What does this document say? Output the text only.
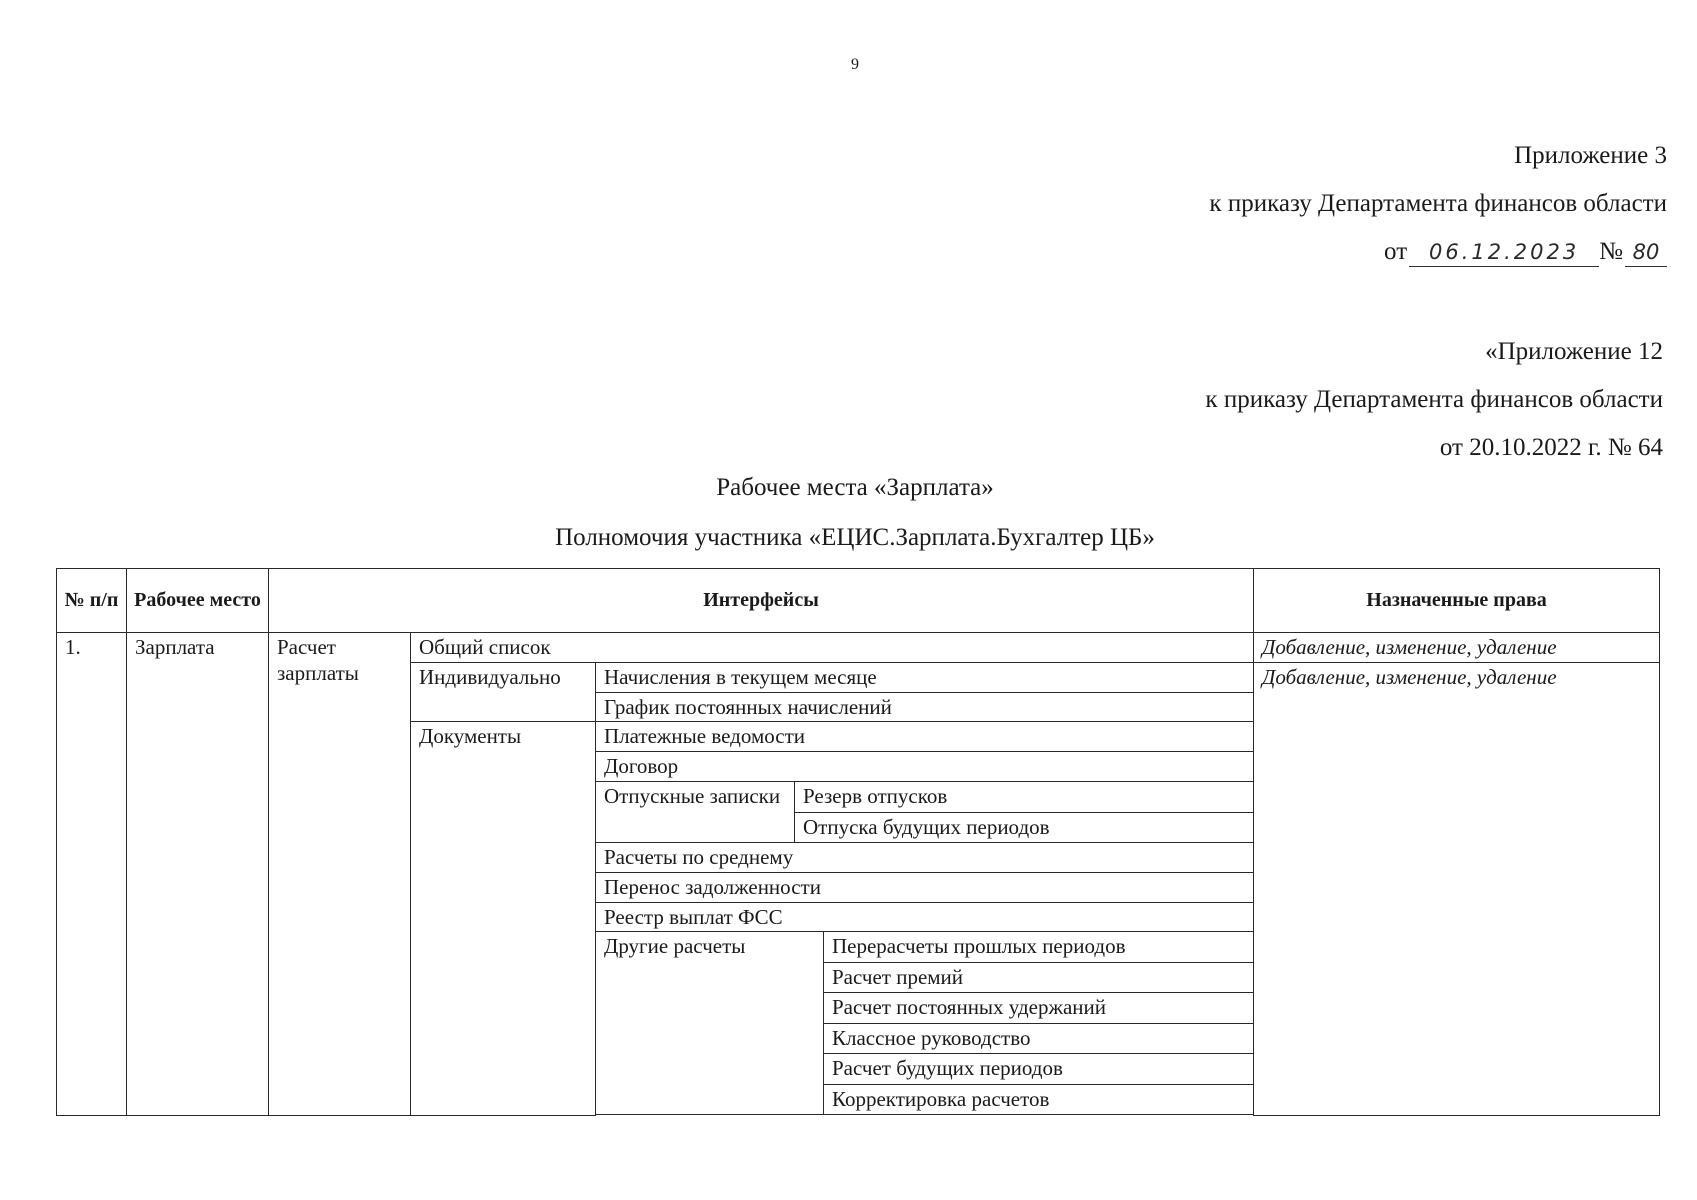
9
Приложение 3
к приказу Департамента финансов области
от 06.12.2023 № 80
«Приложение 12
к приказу Департамента финансов области
от 20.10.2022 г. № 64
Рабочее места «Зарплата»
Полномочия участника «ЕЦИС.Зарплата.Бухгалтер ЦБ»
№ п/п	Рабочее место	Интерфейсы					Назначенные права
1.	Зарплата	Расчет зарплаты	Общий список				Добавление, изменение, удаление
			Индивидуально	Начисления в текущем месяце			Добавление, изменение, удаление
				График постоянных начислений			
			Документы	Платежные ведомости			
				Договор			
				Отпускные записки	Резерв отпусков		
					Отпуска будущих периодов		
				Расчеты по среднему			
				Перенос задолженности			
				Реестр выплат ФСС			
				Другие расчеты		Перерасчеты прошлых периодов	
						Расчет премий	
						Расчет постоянных удержаний	
						Классное руководство	
						Расчет будущих периодов	
						Корректировка расчетов	
